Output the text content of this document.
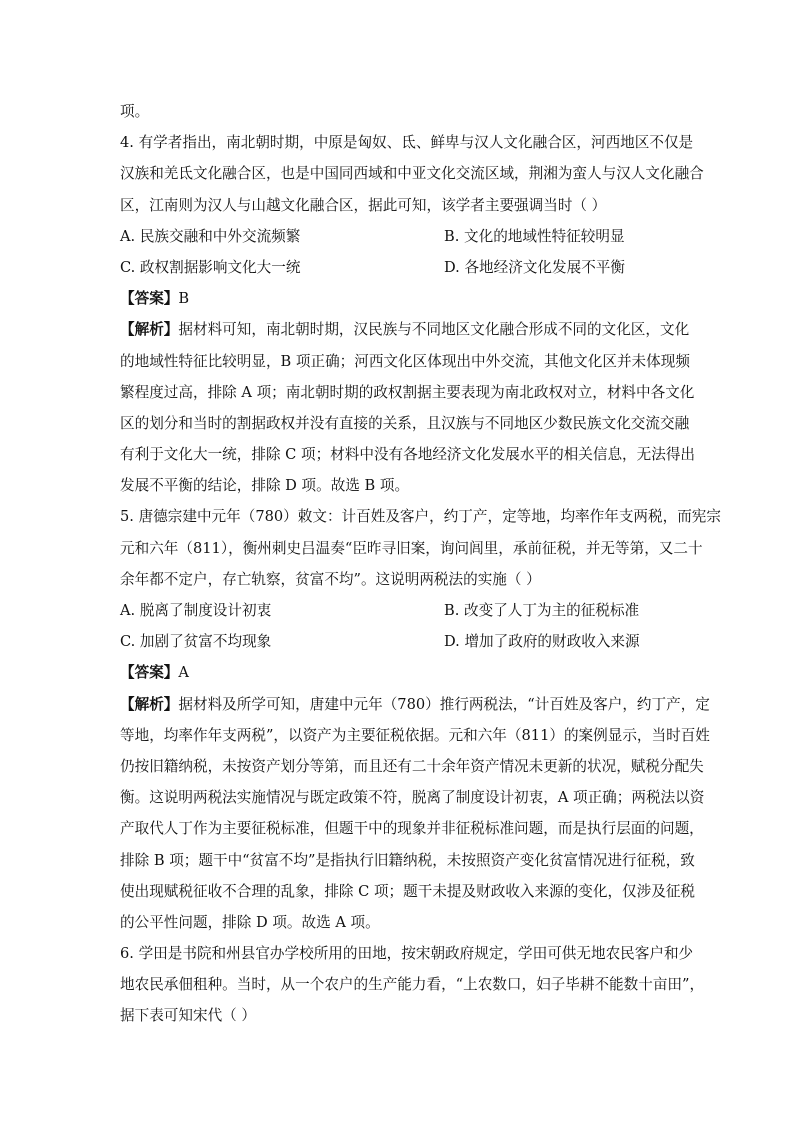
项。
4. 有学者指出，南北朝时期，中原是匈奴、氐、鲜卑与汉人文化融合区，河西地区不仅是
汉族和羌氐文化融合区，也是中国同西域和中亚文化交流区域，荆湘为蛮人与汉人文化融合
区，江南则为汉人与山越文化融合区，据此可知，该学者主要强调当时（ ）
A. 民族交融和中外交流频繁	B. 文化的地域性特征较明显
C. 政权割据影响文化大一统	D. 各地经济文化发展不平衡
【答案】B
【解析】据材料可知，南北朝时期，汉民族与不同地区文化融合形成不同的文化区，文化
的地域性特征比较明显，B 项正确；河西文化区体现出中外交流，其他文化区并未体现频
繁程度过高，排除 A 项；南北朝时期的政权割据主要表现为南北政权对立，材料中各文化
区的划分和当时的割据政权并没有直接的关系，且汉族与不同地区少数民族文化交流交融
有利于文化大一统，排除 C 项；材料中没有各地经济文化发展水平的相关信息，无法得出
发展不平衡的结论，排除 D 项。故选 B 项。
5. 唐德宗建中元年（780）敕文：计百姓及客户，约丁产，定等地，均率作年支两税，而宪宗
元和六年（811），衡州刺史吕温奏“臣昨寻旧案，询问闾里，承前征税，并无等第，又二十
余年都不定户，存亡轨察，贫富不均”。这说明两税法的实施（ ）
A. 脱离了制度设计初衷	B. 改变了人丁为主的征税标准
C. 加剧了贫富不均现象	D. 增加了政府的财政收入来源
【答案】A
【解析】据材料及所学可知，唐建中元年（780）推行两税法，“计百姓及客户，约丁产，定
等地，均率作年支两税”，以资产为主要征税依据。元和六年（811）的案例显示，当时百姓
仍按旧籍纳税，未按资产划分等第，而且还有二十余年资产情况未更新的状况，赋税分配失
衡。这说明两税法实施情况与既定政策不符，脱离了制度设计初衷，A 项正确；两税法以资
产取代人丁作为主要征税标准，但题干中的现象并非征税标准问题，而是执行层面的问题，
排除 B 项；题干中“贫富不均”是指执行旧籍纳税，未按照资产变化贫富情况进行征税，致
使出现赋税征收不合理的乱象，排除 C 项；题干未提及财政收入来源的变化，仅涉及征税
的公平性问题，排除 D 项。故选 A 项。
6. 学田是书院和州县官办学校所用的田地，按宋朝政府规定，学田可供无地农民客户和少
地农民承佃租种。当时，从一个农户的生产能力看，“上农数口，妇子毕耕不能数十亩田”，
据下表可知宋代（ ）
